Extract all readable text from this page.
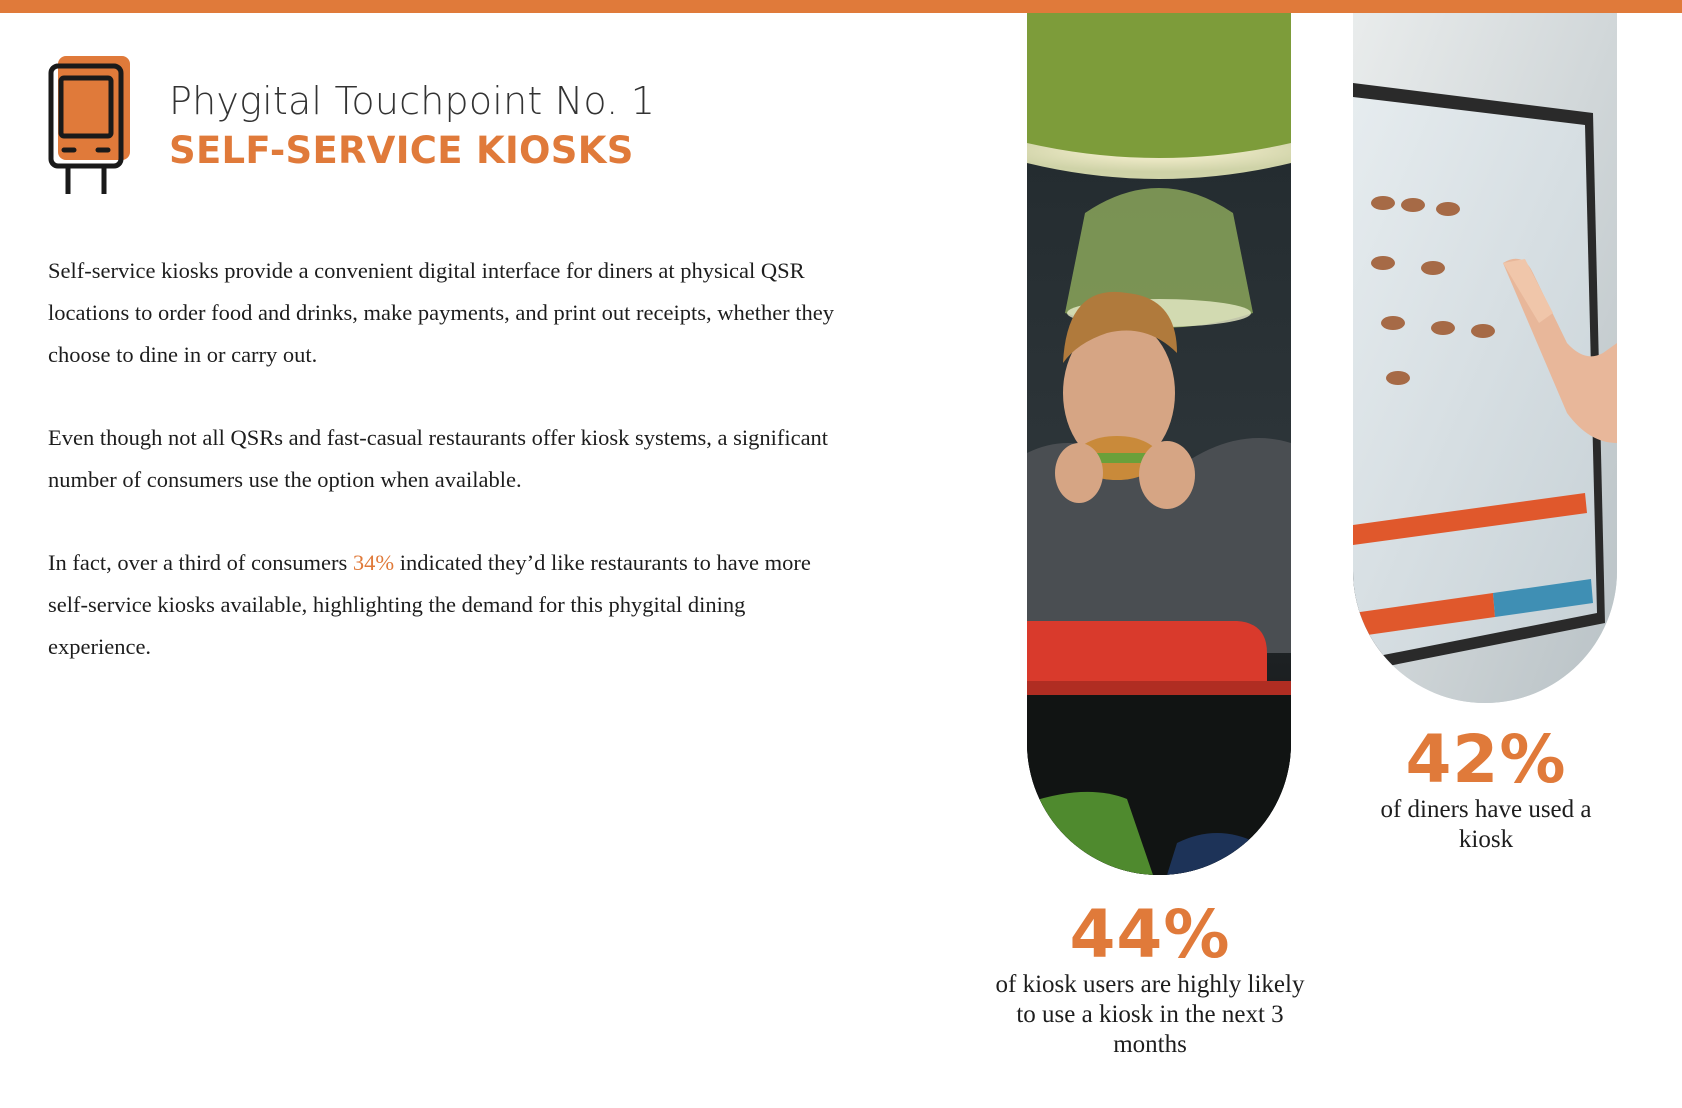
Phygital Touchpoint No. 1
SELF-SERVICE KIOSKS

Self-service kiosks provide a convenient digital interface for diners at physical QSR locations to order food and drinks, make payments, and print out receipts, whether they choose to dine in or carry out.

Even though not all QSRs and fast-casual restaurants offer kiosk systems, a significant number of consumers use the option when available.

In fact, over a third of consumers 34% indicated they’d like restaurants to have more self-service kiosks available, highlighting the demand for this phygital dining experience.

42%
of diners have used a kiosk
44%
of kiosk users are highly likely to use a kiosk in the next 3 months
